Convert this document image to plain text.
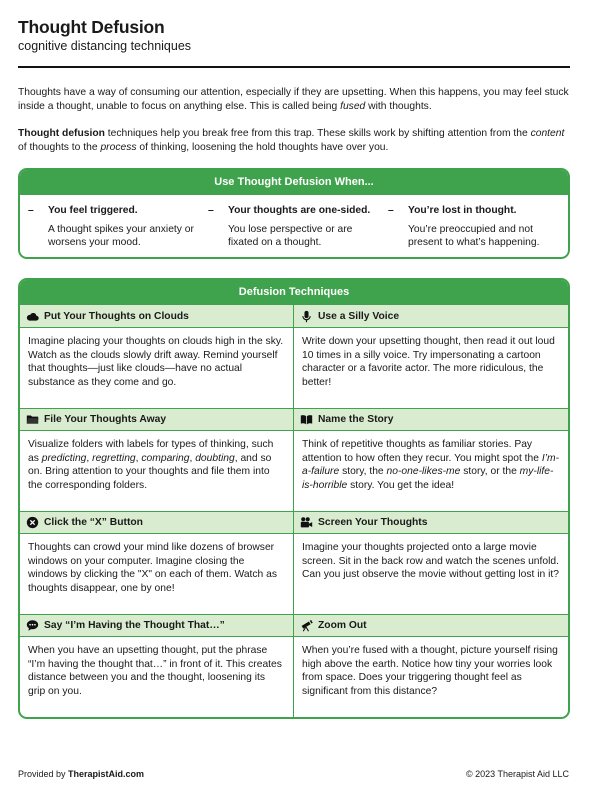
Thought Defusion
cognitive distancing techniques

Thoughts have a way of consuming our attention, especially if they are upsetting. When this happens, you may feel stuck inside a thought, unable to focus on anything else. This is called being fused with thoughts.

Thought defusion techniques help you break free from this trap. These skills work by shifting attention from the content of thoughts to the process of thinking, loosening the hold thoughts have over you.

Use Thought Defusion When...
–	You feel triggered.
A thought spikes your anxiety or worsens your mood.
–	Your thoughts are one-sided.
You lose perspective or are fixated on a thought.
–	You’re lost in thought.
You’re preoccupied and not present to what’s happening.
Defusion Techniques
Put Your Thoughts on Clouds
Imagine placing your thoughts on clouds high in the sky. Watch as the clouds slowly drift away. Remind yourself that thoughts—just like clouds—have no actual substance as they come and go.
Use a Silly Voice
Write down your upsetting thought, then read it out loud 10 times in a silly voice. Try impersonating a cartoon character or a favorite actor. The more ridiculous, the better!
File Your Thoughts Away
Visualize folders with labels for types of thinking, such as predicting, regretting, comparing, doubting, and so on. Bring attention to your thoughts and file them into the corresponding folders.
Name the Story
Think of repetitive thoughts as familiar stories. Pay attention to how often they recur. You might spot the I’m-a-failure story, the no-one-likes-me story, or the my-life-is-horrible story. You get the idea!
Click the “X” Button
Thoughts can crowd your mind like dozens of browser windows on your computer. Imagine closing the windows by clicking the "X" on each of them. Watch as thoughts disappear, one by one!
Screen Your Thoughts
Imagine your thoughts projected onto a large movie screen. Sit in the back row and watch the scenes unfold. Can you just observe the movie without getting lost in it?
Say “I’m Having the Thought That…”
When you have an upsetting thought, put the phrase “I’m having the thought that…” in front of it. This creates distance between you and the thought, loosening its grip on you.
Zoom Out
When you’re fused with a thought, picture yourself rising high above the earth. Notice how tiny your worries look from space. Does your triggering thought feel as significant from this distance?
Provided by TherapistAid.com	© 2023 Therapist Aid LLC
